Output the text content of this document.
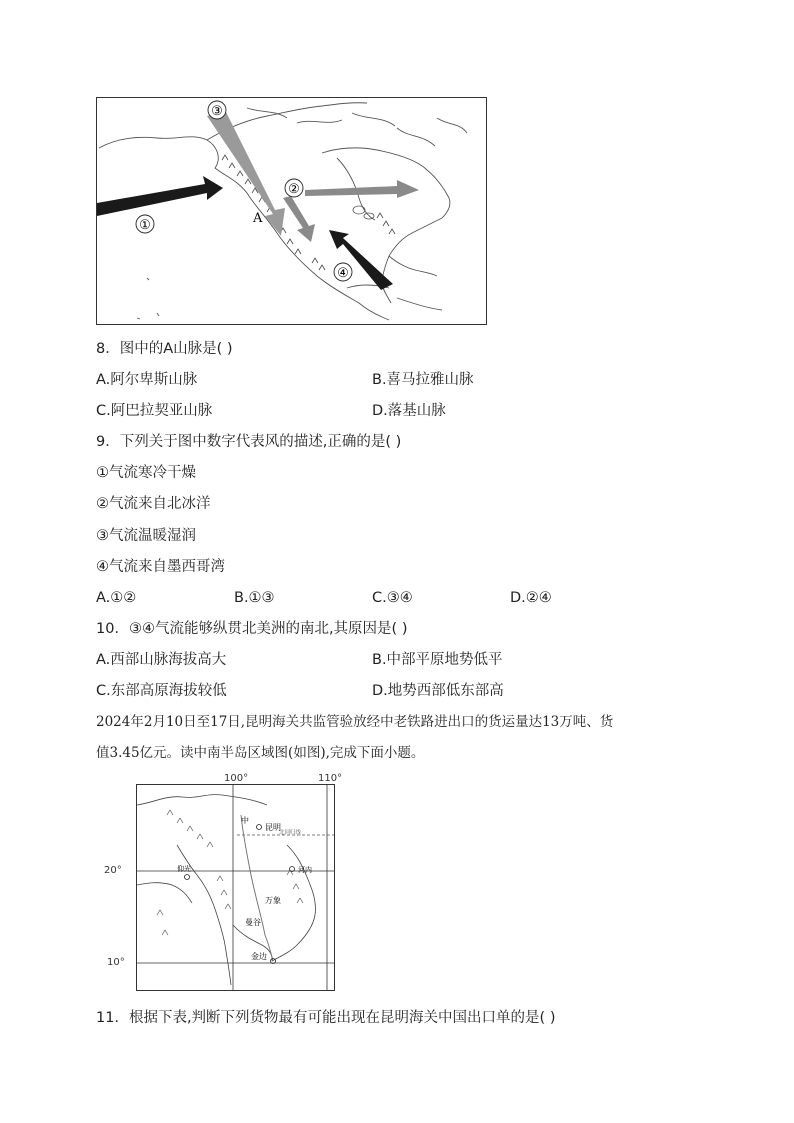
①
②
③
④
A
8．图中的A山脉是( )
A.阿尔卑斯山脉	B.喜马拉雅山脉
C.阿巴拉契亚山脉	D.落基山脉
9．下列关于图中数字代表风的描述,正确的是( )
①气流寒冷干燥
②气流来自北冰洋
③气流温暖湿润
④气流来自墨西哥湾
A.①②	B.①③	C.③④	D.②④
10．③④气流能够纵贯北美洲的南北,其原因是( )
A.西部山脉海拔高大	B.中部平原地势低平
C.东部高原海拔较低	D.地势西部低东部高
2024年2月10日至17日,昆明海关共监管验放经中老铁路进出口的货运量达13万吨、货
值3.45亿元。读中南半岛区域图(如图),完成下面小题。
100°	110°
20°
10°
昆明
中
北回归线
仰光	河内
万象
曼谷
金边
11．根据下表,判断下列货物最有可能出现在昆明海关中国出口单的是( )
